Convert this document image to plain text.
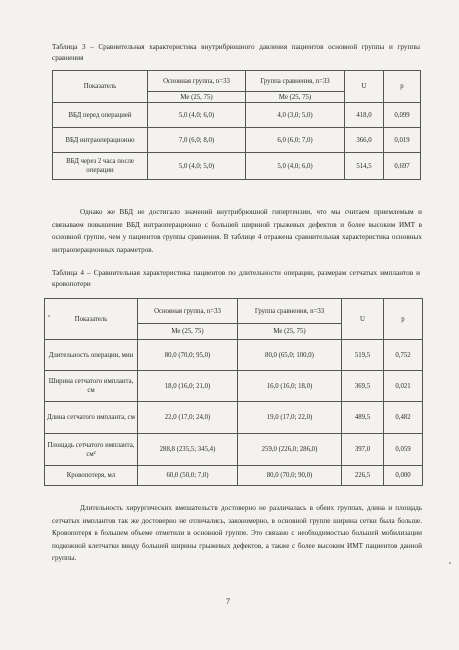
Таблица 3 – Сравнительная характеристика внутрибрюшного давления пациентов основной группы и группы сравнения
Показатель	Основная группа, n=33	Группа сравнения, n=33	U	p
	Me (25, 75)	Me (25, 75)		
ВБД перед операцией	5,0 (4,0; 6,0)	4,0 (3,0; 5,0)	418,0	0,099
ВБД интраоперационно	7,0 (6,0; 8,0)	6,0 (6,0; 7,0)	366,0	0,019
ВБД через 2 часа после операции	5,0 (4,0; 5,0)	5,0 (4,0; 6,0)	514,5	0,697
Однако же ВБД не достигало значений внутрибрюшной гипертензии, что мы считаем приемлемым и связываем повышение ВБД интраоперационно с большей шириной грыжевых дефектов и более высоким ИМТ в основной группе, чем у пациентов группы сравнения. В таблице 4 отражена сравнительная характеристика основных интраоперационных параметров.
Таблица 4 – Сравнительная характеристика пациентов по длительности операции, размерам сетчатых имплантов и кровопотери
Показатель	Основная группа, n=33	Группа сравнения, n=33	U	p
	Me (25, 75)	Me (25, 75)		
Длительность операции, мин	80,0 (70,0; 95,0)	80,0 (65,0; 100,0)	519,5	0,752
Ширина сетчатого импланта, см	18,0 (16,0; 21,0)	16,0 (16,0; 18,0)	369,5	0,021
Длина сетчатого импланта, см	22,0 (17,0; 24,0)	19,0 (17,0; 22,0)	489,5	0,482
Площадь сетчатого импланта, см²	288,8 (235,5; 345,4)	259,0 (226,0; 286,0)	397,0	0,059
Кровопотеря, мл	60,0 (50,0; 7,0)	80,0 (70,0; 90,0)	226,5	0,000
Длительность хирургических вмешательств достоверно не различалась в обеих группах, длина и площадь сетчатых имплантов так же достоверно не отличались, закономерно, в основной группе ширина сетки была больше. Кровопотеря в большем объеме отметили в основной группе. Это связано с необходимостью большей мобилизации подкожной клетчатки ввиду большей ширины грыжевых дефектов, а также с более высоким ИМТ пациентов данной группы.
7
